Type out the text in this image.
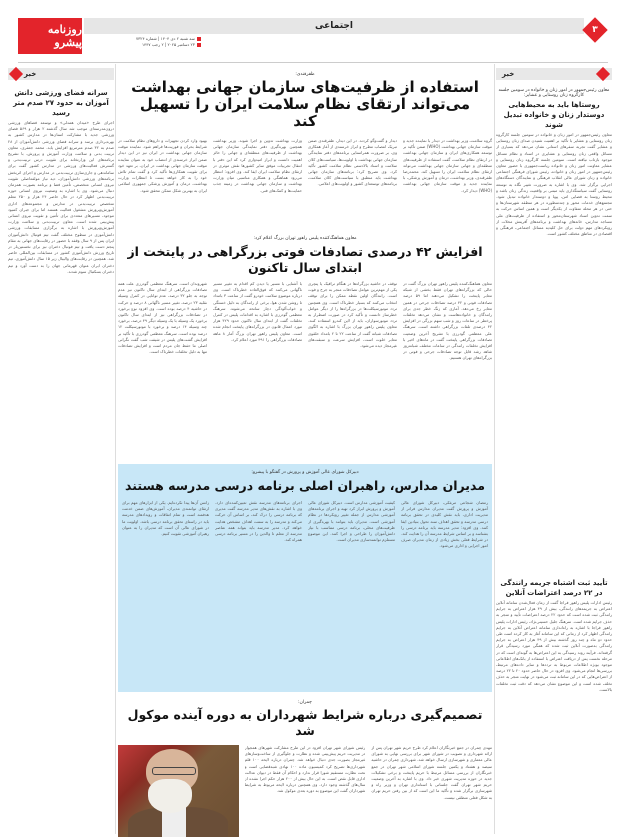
روزنامه پیشرو
اجتماعی
سه شنبه ۲ دی ۱۴۰۴ | شماره ۷۳۲۴
۲۳ دسامبر ۲۰۲۵ | ۲ رجب ۱۴۴۷
۳
خبر
سرانه فضای ورزشی دانش آموزان به حدود ۲۷ صدم متر رسید
اجرای طرح «میدان همدلی» و توسعه فضاهای ورزشی درون‌مدرسه‌ای موجب شد سال گذشته ۲ هزار و ۵۶۹ فضای ورزشی جدید با مشارکت استان‌ها در مدارس کشور به بهره‌برداری برسد و سرانه فضای ورزشی دانش‌آموزان از ۲۸ صدم به ۳۲ صدم مترمربع افزایش یابد. محمد جعفری، معاون تربیت بدنی و سلامت وزارت آموزش و پرورش، با تشریح برنامه‌های این وزارتخانه برای تقویت درس تربیت‌بدنی و گسترش فعالیت‌های ورزشی در مدارس کشور گفت برای ساماندهی و جاری‌سازی تربیت‌بدنی در مدارس و اجرای اثربخش برنامه‌های ورزشی دانش‌آموزان، دیه ‌نیاز مولفه‌اصلی تقویت نیروی انسانی متخصص، تأمین فضا و برنامه بصورت همزمان دنبال می‌شود. وی با اشاره به وضعیت نیروی انسانی حوزه تربیت‌بدنی اظهار کرد در حال حاضر ۲۴ هزار و ۲۵۰ معلم متخصص تربیت‌بدنی در مدارس و مجموعه‌های اداری آموزش‌وپرورش مشغول فعالیت هستند اما برای جبران کمبود موجود، مسیرهای متعددی برای تأمین و تقویت نیروی انسانی پیش‌بینی شده است. معاون تربیت‌بدنی و سلامت وزارت آموزش‌وپرورش با اشاره به برگزاری مسابقات ورزشی دانش‌آموزی در سطوح مختلف گفت تیم فوتبال دانش‌آموزان ایران پس از ۹ سال وقفه با حضور در رقابت‌های جهانی به مقام پنجم دست یافت و تیم فوتبال دختران نیز برای نخستین‌بار در تاریخ ورزش دانش‌آموزی کشور در مسابقات بین‌المللی حاضر شد. همچنین در رقابت‌های والیبال زیر ۱۵ سال دانش‌آموزی، تیم دختران ایران عنوان قهرمانی جهان را به دست آورد و تیم دختران بسکتبال سوم شدند.
خبر
معاون رئیس‌جمهور در امور زنان و خانواده در سومین جلسه کارگروه زنان روستایی و عشایر:
روستاها باید به محیط‌هایی دوستدار زنان و خانواده تبدیل شوند
معاون رئیس‌جمهور در امور زنان و خانواده در سومین جلسه کارگروه زنان روستایی و عشایر با تأکید بر اهمیت شنیدن صدای زنان روستایی و عشایر گفت تجربه سفرهای استانی نشان می‌دهد که بسیاری از مسائل واقعی زنان روستایی و عشایری در اسناد و نظام مسائل موجود بازتاب نیافته است. سومین جلسه کارگروه زنان روستایی و عشایر معاونت امور زنان و خانواده ریاست‌جمهوری با حضور معاون رئیس‌جمهور در امور زنان و خانواده، رئیس شورای فرهنگی اجتماعی خانواده و زنان شورای عالی انقلاب فرهنگی و نمایندگان دستگاه‌های اجرایی برگزار شد. وی با اشاره به ضرورت تغییر نگاه به توسعه روستایی گفت سیاستگذاری باید مبتنی بر واقعیت زندگی زنان باشد و محیط روستا به فضایی امن، پویا و دوستدار خانواده تبدیل شود. مجتمع‌های خدمات محور و چندمنظوره در هر منطقه شهرستان‌ها و حتی در هر محله متفاوت از یکدیگر است و همین اساس حرکت به سمت تدوین اسناد شهرستان‌محور و استفاده از ظرفیت‌های ملی مساجد مدارس، خانه‌های بهداشت و برنامه‌های آفرینش محلات از رویکردهای مهم دولت برای حل کلیدیه مسائل اجتماعی، فرهنگی و اقتصادی در مناطق مختلف کشور است.
تأیید ثبت اشتباه جریمه رانندگی در ۲۲ درصد اعتراضات آنلاین
رئیس ادارات پلیس راهور فراجا گفت از زمان فعال‌شدن سامانه آنلاین اعتراض به جریمه‌های رانندگی، بیش از ۴۹ هزار اعتراض به جرایم رانندگی ثبت شده است که حدود ۲۲ درصد اعتراضات تأیید و منجر به حذف جرایم شده است. سرهنگ جلیل حسینی‌نژاد، رئیس ادارات پلیس راهور فراجا با اشاره به راه‌اندازی سامانه اعتراض آنلاین به جرایم رانندگی اظهار کرد از زمانی که این سامانه آغاز به کار کرده است طی حدود دو ماه و چند روز گذشته بیش از ۴۹ هزار اعتراض به جرایم رانندگی به‌صورت آنلاین ثبت شده که همگی مورد رسیدگی قرار گرفته‌اند. فرآیند روند رسیدگی به این اعتراض‌ها به گونه‌ای است که در مرحله نخست پس از دریافت اعتراض با استفاده از بانک‌های اطلاعاتی موجود بویژه اطلاعات مربوط به تردد‌ها و سایر داده‌های مرتبط، بررسی‌ها انجام می‌شود. وی افزود در حال حاضر حدود ۲۰ تا ۲۲ درصد از اعتراض‌هایی که در این سامانه ثبت می‌شود در نهایت منجر به حذف تخلف شده است و این موضوع نشان می‌دهد که دقت ثبت تخلفات بالاست.
ظفرقندی:
استفاده از ظرفیت‌های سازمان جهانی بهداشت می‌تواند ارتقای نظام سلامت ایران را تسهیل کند
گروه سلامت‌ـ وزیر بهداشت در دیدار با نماینده جدید و موقت سازمان جهانی بهداشت (WHO) ضمن تأکید بر توسعه همکاری‌های ایران و سازمان جهانی بهداشت در ارتقای نظام سلامت، گفت استفاده از ظرفیت‌های منطقه‌ای و جهانی سازمان جهانی بهداشت می‌تواند ارتقای نظام سلامت ایران را تسهیل کند. محمدرضا ظفرقندی، وزیر بهداشت، درمان و آموزش پزشکی، با نماینده جدید و موقت سازمان جهانی بهداشت (WHO) دیدار کرد.
دیدار و گفت‌وگو کردند. در این دیدار، ظفرقندی ضمن تبریک انتصاب مطرح و ابراز خرسندی از آغاز همکاری وی، بر ضرورت همراستایی برنامه‌های دفتر نمایندگی سازمان جهانی بهداشت با اولویت‌ها، سیاست‌های کلان سلامت و اسناد بالادستی نظام سلامت کشور تأکید کرد. وی تصریح کرد: برنامه‌های سازمان جهانی بهداشت باید منطبق با سیاست‌های کلان سلامت، برنامه‌های توسعه‌ای کشور و اولویت‌های اعلامی.
وزارت بهداشت تدوین و اجرا شوند. وزیر بهداشت همچنین بهره‌گیری دفتر نمایندگی سازمان جهانی بهداشت از ظرفیت‌های منطقه‌ای و جهانی را حائز اهمیت دانست و ابراز امیدواری کرد که این دفتر با انتقال تجربیات موفق سایر کشورها نقش موثری در ارتقای نظام سلامت ایران ایفا کند. وی افزود: انتظار می‌رود هماهنگی و همکاری مناسبی میان وزارت بهداشت و سازمان جهانی بهداشت در زمینه جذب حمایت‌ها و کمک‌های فنی.
بهبود وارد کردن تجهیزات و داروهای نظام سلامت در شرایط بحران و فوریت‌ها فراهم شود. نماینده موقت سازمان جهانی بهداشت در ایران نیز در این دیدار ضمن ابراز خرسندی از انتصاب خود به عنوان نماینده موقت سازمان جهانی بهداشت در ایران، بر تعهد خود برای تقویت همکاری‌ها تأکید کرد و گفت تمام تلاش خود را به کار خواهد بست تا انتظارات وزارت بهداشت، درمان و آموزش پزشکی جمهوری اسلامی ایران به بهترین شکل ممکن محقق شود.
معاون هماهنگ‌کننده پلیس راهور تهران بزرگ اعلام کرد:
افزایش ۴۲ درصدی تصادفات فوتی بزرگراهی در پایتخت از ابتدای سال تاکنون
معاون هماهنگ‌کننده پلیس راهور تهران بزرگ گفت در حالی که بزرگراه‌های تهران فقط بخشی از شبکه معابر پایتخت را تشکیل می‌دهند اما ۵۹ درصد تصادفات فوتی و ۴۲ درصد تصادفات جرحی در همین معابر رخ می‌دهد. آماری که زنگ خطر جدی برای رانندگان و خانواده‌هاست و نشان می‌دهد تخلفات پرخطر در ساعات روز و شب سهم بزرگی در افزایش ۴۲ درصدی تلفات بزرگراهی داشته است. سرهنگ علی معظمی گودرزی با تشریح آخرین وضعیت تصادفات بزرگراهی پایتخت گفت در ماه‌های اخیر با افزایش تخلفات رانندگی در ساعات مختلف شبانه‌روز شاهد رشد قابل توجه تصادفات جرحی و فوتی در بزرگراه‌های تهران هستیم.
توقف در حاشیه بزرگراه‌ها در هنگام ترافیک یا پنچری یکی از مهم‌ترین عوامل تصادفات منجر به جرح و فوت است. رانندگان اولین نقطه ممکن را برای توقف انتخاب می‌کنند که بسیار خطرناک است. وی همچنین تردد موتورسیکلت‌ها در بزرگراه‌ها را از دیگر عوامل خطرساز دانست و تأکید کرد در صورت اضطرار به تردد موتورسواران، باید از لاین کندرو استفاده کنند. معاون پلیس راهور تهران بزرگ با اشاره به الگوی تصادفات شبانه گفت از ساعت ۲۲ تا ۲ بامداد حلقوی معابر خلوت است، افزایش سرعت و سبقت‌های غیرمجاز دیده می‌شود.
با آشنایی با مسیر یا دیدن کم اقدام به تغییر مسیر ناگهانی می‌کنند که فوق‌العاده خطرناک است. وی درباره موضوع سلامت خودرو گفت از ساعت ۳ بامداد تا روشن شدن هوا، برخی از رانندگان به دلیل خستگی و خواب‌آلودگی دچار سانحه می‌شوند. سرهنگ معظمی گودرزی با اشاره به اقدامات پلیس در کنترل تخلفات گفت از ابتدای سال تاکنون حدود ۴۲۹ هزار مورد اعمال قانون در بزرگراه‌های پایتخت انجام شده است. معاون پلیس راهور تهران بزرگ آمار ۸ ماهه تصادفات بزرگراهی را ۴۹۱ مورد اعلام کرد.
شهروندان است. سرهنگ معظمی گودرزی علت همه تصادفات بزرگراهی از ابتدای سال تاکنون نیز عدم توجه به جلو ۳۲ درصد، عدم توانایی در کنترل وسیله نقلیه ۲۳ درصد، تغییر مسیر ناگهانی ۸ درصد و حرکت در حاشیه ۴ درصد بوده است. وی افزود نوع برخورد در تصادفات بزرگراهی نیز از ابتدای سال تاکنون برخورد یک وسیله با یک وسیله دیگر ۴۹ درصد، برخورد چند وسیله ۱۴ درصد و برخورد با موتورسیکلت ۱۲ درصد بوده است. سرهنگ معظمی گودرزی با تأکید بر افزایش گشت‌های پلیس در شیفت شب گفت نگرانی اصلی ما حفظ جان مردم است و افزایش تصادفات تنها به دلیل تخلفات خطرناک است.
دبیرکل شورای عالی آموزش و پرورش در گفتگو با پیشرو:
مدیران مدارس، راهبران اصلی برنامه درسی مدرسه هستند
رمضان شجاعی مرغکی، دبیرکل شورای عالی آموزش و پرورش گفت مدیران مدارس فراتر از مدیریت اداری، باید نقش کلیدی در تحقق برنامه درسی مدرسه و تحقق اهداف سند تحول بنیادین ایفا کنند. وی افزود: مدیر مدرسه باید برنامه درسی را بشناسد و بر اساس شرایط مدرسه آن را هدایت کند. در شرایط فعلی بخش زیادی از زمان مدیران صرف امور اجرایی و اداری می‌شود.
کیفیت آموزشی مدارس است. دبیرکل شورای عالی آموزش و پرورش ابراز کرد تهیه و اجرای برنامه‌های آموزشی مدارس از جمله تغییر رویکردها در نظام آموزشی است. مدیران باید بتوانند با بهره‌گیری از ظرفیت‌های محلی، برنامه درسی متناسب با نیاز دانش‌آموزان را طراحی و اجرا کنند. این موضوع مستلزم توانمندسازی مدیران است.
اجرای برنامه‌های مدرسه نقش تعیین‌کننده‌ای دارد. وی با اشاره به نقش‌های مدیر مدرسه گفت مدیری که برنامه درسی را درک کند، بر اساس آن حرکت می‌کند و مدرسه را به سمت اهداف مشخص هدایت خواهد کرد. مدیر مدرسه باید بتواند همه عناصر مدرسه از معلم تا والدین را در مسیر برنامه درسی همراه کند.
زانس آن‌ها پیدا نکرده‌ایم. یکی از ابزارهای مهم برای ارتقای توانمندی مدیران، آموزش‌های ضمن خدمت هدفمند است و تمام اتفاقات و رویدادهای مدرسه باید در راستای تحقق برنامه درسی باشد. اولویت ما در شورای عالی آن است که مدیران را به عنوان رهبران آموزشی تقویت کنیم.
چمران:
تصمیم‌گیری درباره شرایط شهرداران به دوره آینده موکول شد
مهدی چمران در جمع خبرنگاران اعلام کرد طرح حریم شهر تهران پس از ارائه شهرداری و تصویب در شورای شهر برای بررسی نهایی به شورای عالی معماری و شهرسازی ارسال خواهد شد. شهرداری چمران در حاشیه سیصد و هشتاد و یکمین جلسه شورای اسلامی شهر تهران در جمع خبرنگاران از بررسی مسائل مرتبط با حریم پایتخت و برخی تشکیلات جدید در حوزه مدیریت شهری خبر داد. وی با اشاره به آخرین وضعیت حریم شهر تهران گفت جلساتی با استانداری تهران و وزیر راه و شهرسازی برگزار شده و تأکید ما این است که از بین رفتن حریم تهران به شکل فعلی منطقی نیست.
رئیس شورای شهر تهران افزود در این طرح مشارکت شهرهای همجوار در مدیریت حریم پیش‌بینی شده و نظارت و جلوگیری از ساخت‌وسازهای غیرمجاز بصورت جدی دنبال خواهد شد. چمران درباره لایحه ۱۰۰ قلم شهرداری‌ها تصریح کرد کمیسیون ماده ۱۰۰ نهادی شبه‌قضایی است و تحت نظارت مستقیم شورا قرار ندارد و احکام آن فقط در دیوان عدالت اداری قابل نقض است. به این حال بیش از ۲۰۰ هزار حکم اجرا نشده از سال‌های گذشته وجود دارد. وی همچنین درباره لایحه مربوط به شرایط شهرداران گفت این موضوع به دوره بعدی موکول شد.
